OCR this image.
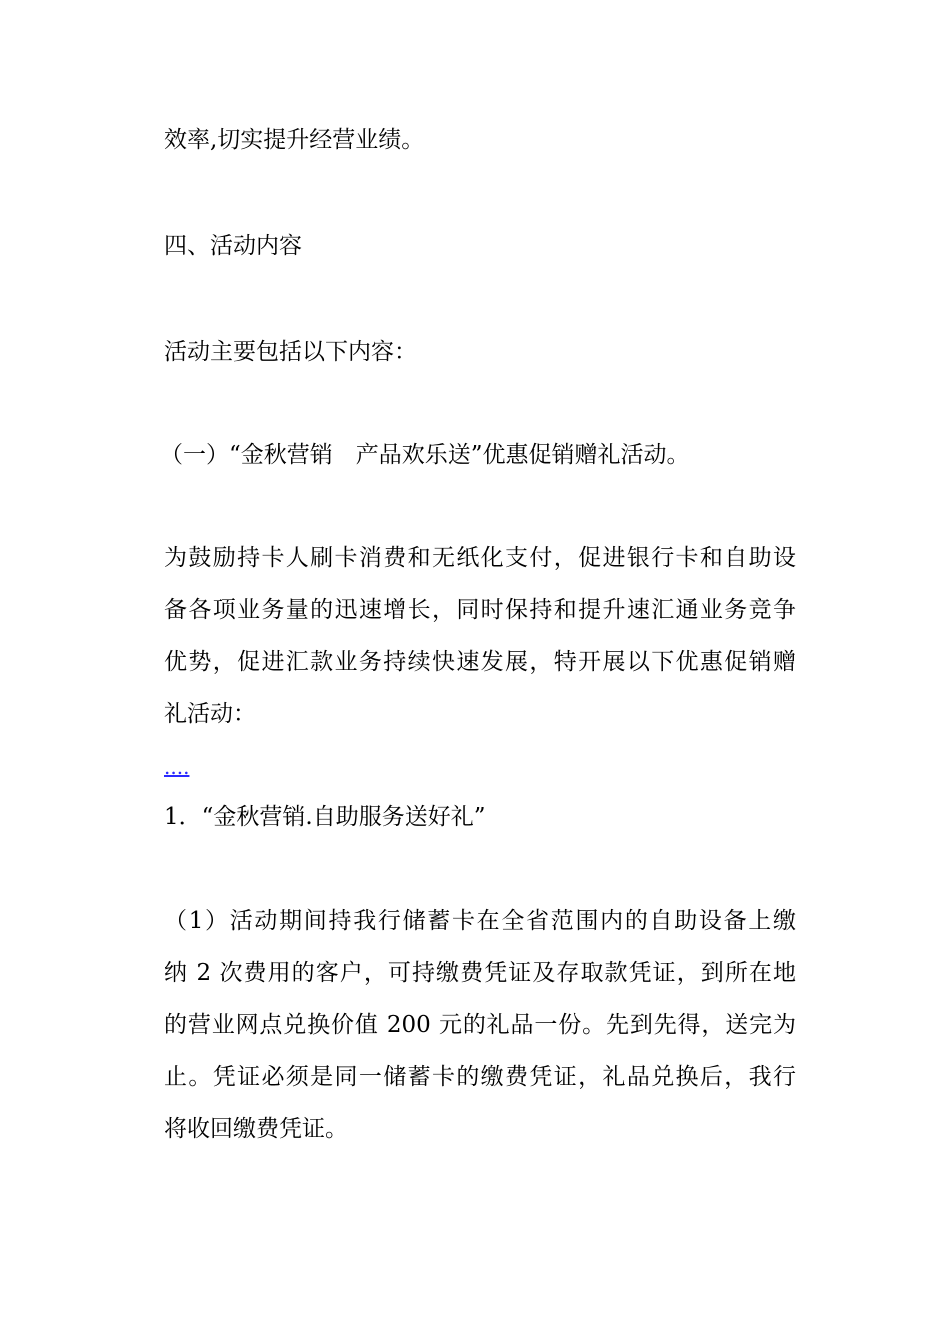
效率,切实提升经营业绩。
四、活动内容
活动主要包括以下内容：
（一）“金秋营销　产品欢乐送”优惠促销赠礼活动。
为鼓励持卡人刷卡消费和无纸化支付，促进银行卡和自助设
备各项业务量的迅速增长，同时保持和提升速汇通业务竞争
优势，促进汇款业务持续快速发展，特开展以下优惠促销赠
礼活动：
....
1．“金秋营销.自助服务送好礼”
（1）活动期间持我行储蓄卡在全省范围内的自助设备上缴
纳 2 次费用的客户，可持缴费凭证及存取款凭证，到所在地
的营业网点兑换价值 200 元的礼品一份。先到先得，送完为
止。凭证必须是同一储蓄卡的缴费凭证，礼品兑换后，我行
将收回缴费凭证。
